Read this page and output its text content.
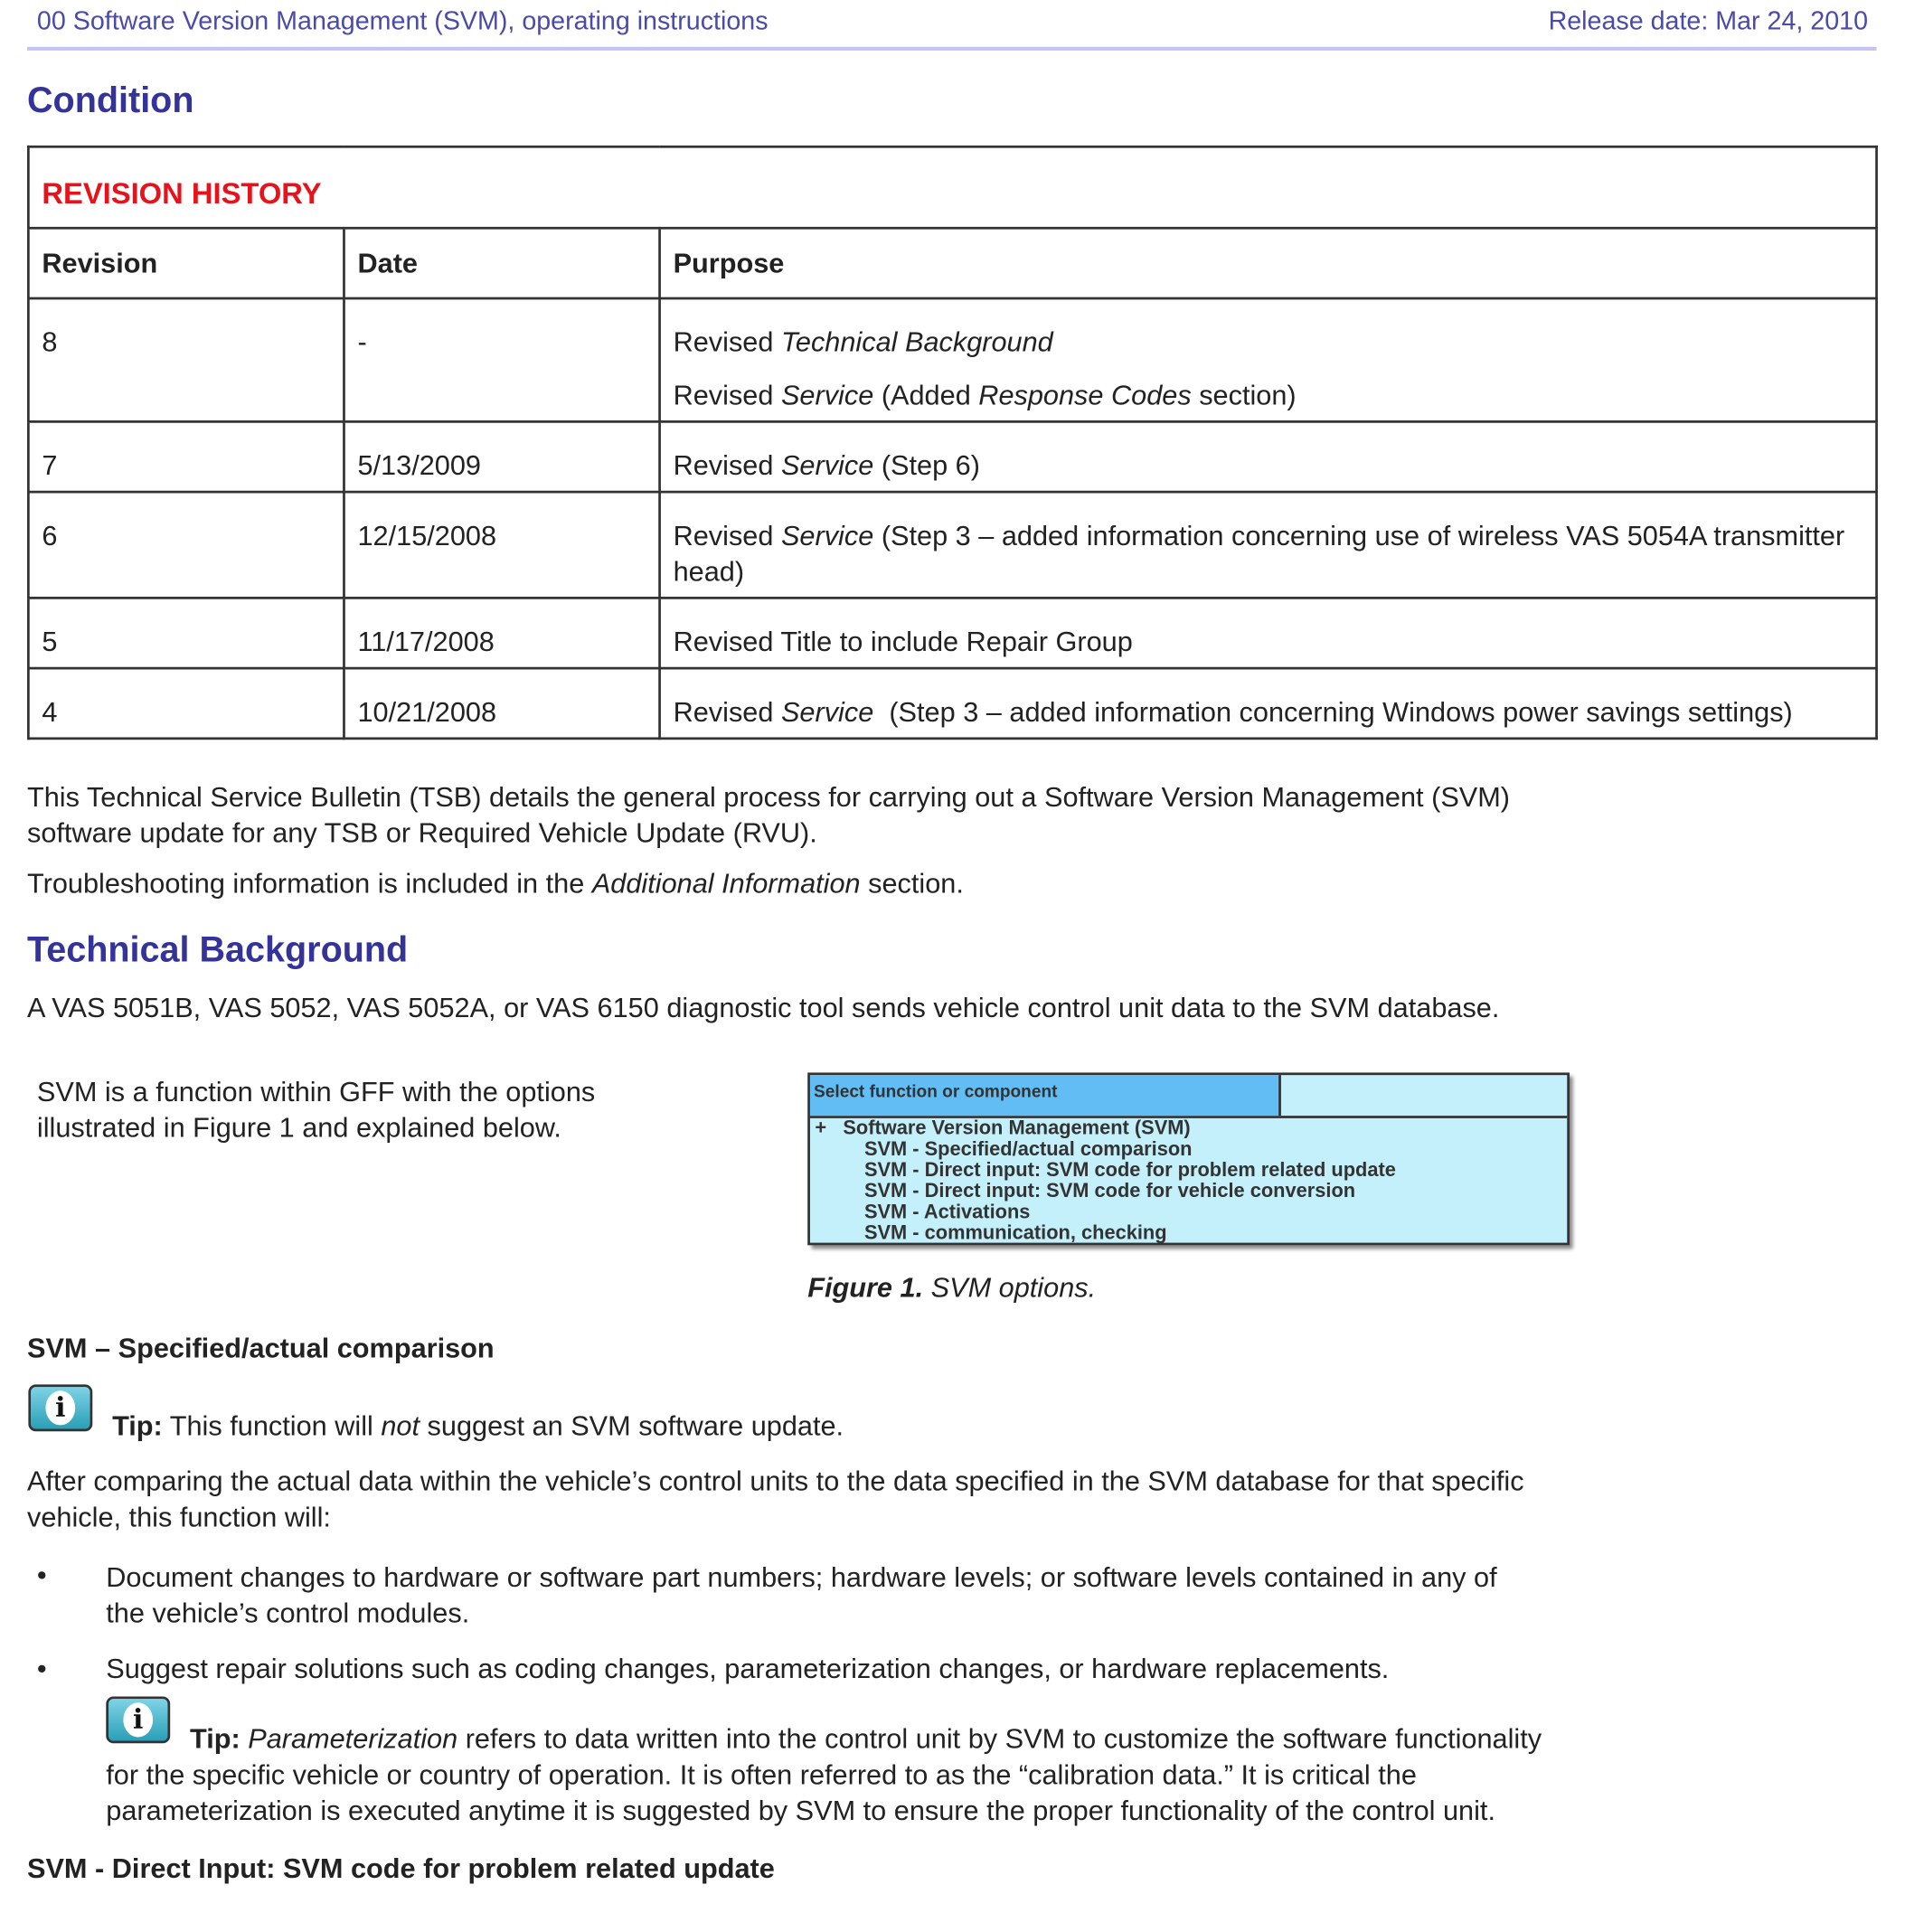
00 Software Version Management (SVM), operating instructions	Release date: Mar 24, 2010
Condition
REVISION HISTORY		
Revision	Date	Purpose
8	-	Revised Technical Background

Revised Service (Added Response Codes section)

7	5/13/2009	Revised Service (Step 6)

6	12/15/2008	Revised Service (Step 3 – added information concerning use of wireless VAS 5054A transmitter head)

5	11/17/2008	Revised Title to include Repair Group

4	10/21/2008	Revised Service  (Step 3 – added information concerning Windows power savings settings)

This Technical Service Bulletin (TSB) details the general process for carrying out a Software Version Management (SVM)
software update for any TSB or Required Vehicle Update (RVU).
Troubleshooting information is included in the Additional Information section.
Technical Background
A VAS 5051B, VAS 5052, VAS 5052A, or VAS 6150 diagnostic tool sends vehicle control unit data to the SVM database.
SVM is a function within GFF with the options
illustrated in Figure 1 and explained below.
Select function or component
+ Software Version Management (SVM)
SVM - Specified/actual comparison
SVM - Direct input: SVM code for problem related update
SVM - Direct input: SVM code for vehicle conversion
SVM - Activations
SVM - communication, checking
Figure 1. SVM options.
SVM – Specified/actual comparison
i
Tip: This function will not suggest an SVM software update.
After comparing the actual data within the vehicle’s control units to the data specified in the SVM database for that specific
vehicle, this function will:
•	Document changes to hardware or software part numbers; hardware levels; or software levels contained in any of
the vehicle’s control modules.
•	Suggest repair solutions such as coding changes, parameterization changes, or hardware replacements.
i
Tip: Parameterization refers to data written into the control unit by SVM to customize the software functionality
for the specific vehicle or country of operation. It is often referred to as the “calibration data.” It is critical the
parameterization is executed anytime it is suggested by SVM to ensure the proper functionality of the control unit.
SVM - Direct Input: SVM code for problem related update
